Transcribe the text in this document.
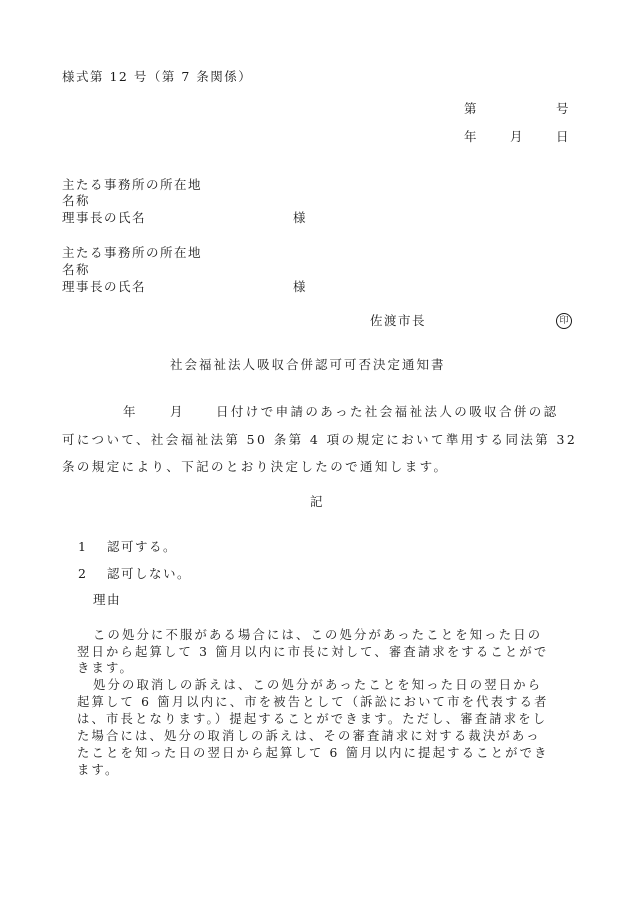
様式第 12 号（第 7 条関係）
第	号
年	月	日
主たる事務所の所在地
名称
理事長の氏名	様
主たる事務所の所在地
名称
理事長の氏名	様
佐渡市長	印
社会福祉法人吸収合併認可可否決定通知書
年	月 日付けで申請のあった社会福祉法人の吸収合併の認
可について、社会福祉法第 50 条第 4 項の規定において準用する同法第 32
条の規定により、下記のとおり決定したので通知します。
記
1 認可する。
2 認可しない。
理由
この処分に不服がある場合には、この処分があったことを知った日の
翌日から起算して 3 箇月以内に市長に対して、審査請求をすることがで
きます。
処分の取消しの訴えは、この処分があったことを知った日の翌日から
起算して 6 箇月以内に、市を被告として（訴訟において市を代表する者
は、市長となります。）提起することができます。ただし、審査請求をし
た場合には、処分の取消しの訴えは、その審査請求に対する裁決があっ
たことを知った日の翌日から起算して 6 箇月以内に提起することができ
ます。
